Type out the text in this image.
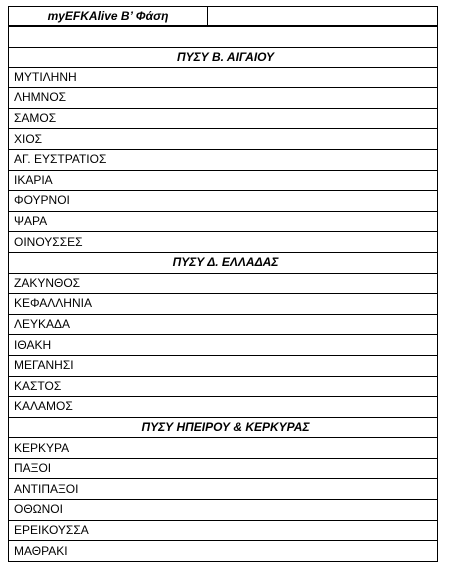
myEFKAlive B’ Φάση

ΠΥΣΥ Β. ΑΙΓΑΙΟΥ
ΜΥΤΙΛΗΝΗ
ΛΗΜΝΟΣ
ΣΑΜΟΣ
ΧΙΟΣ
ΑΓ. ΕΥΣΤΡΑΤΙΟΣ
ΙΚΑΡΙΑ
ΦΟΥΡΝΟΙ
ΨΑΡΑ
ΟΙΝΟΥΣΣΕΣ
ΠΥΣΥ Δ. ΕΛΛΑΔΑΣ
ΖΑΚΥΝΘΟΣ
ΚΕΦΑΛΛΗΝΙΑ
ΛΕΥΚΑΔΑ
ΙΘΑΚΗ
ΜΕΓΑΝΗΣΙ
ΚΑΣΤΟΣ
ΚΑΛΑΜΟΣ
ΠΥΣΥ ΗΠΕΙΡΟΥ & ΚΕΡΚΥΡΑΣ
ΚΕΡΚΥΡΑ
ΠΑΞΟΙ
ΑΝΤΙΠΑΞΟΙ
ΟΘΩΝΟΙ
ΕΡΕΙΚΟΥΣΣΑ
ΜΑΘΡΑΚΙ
